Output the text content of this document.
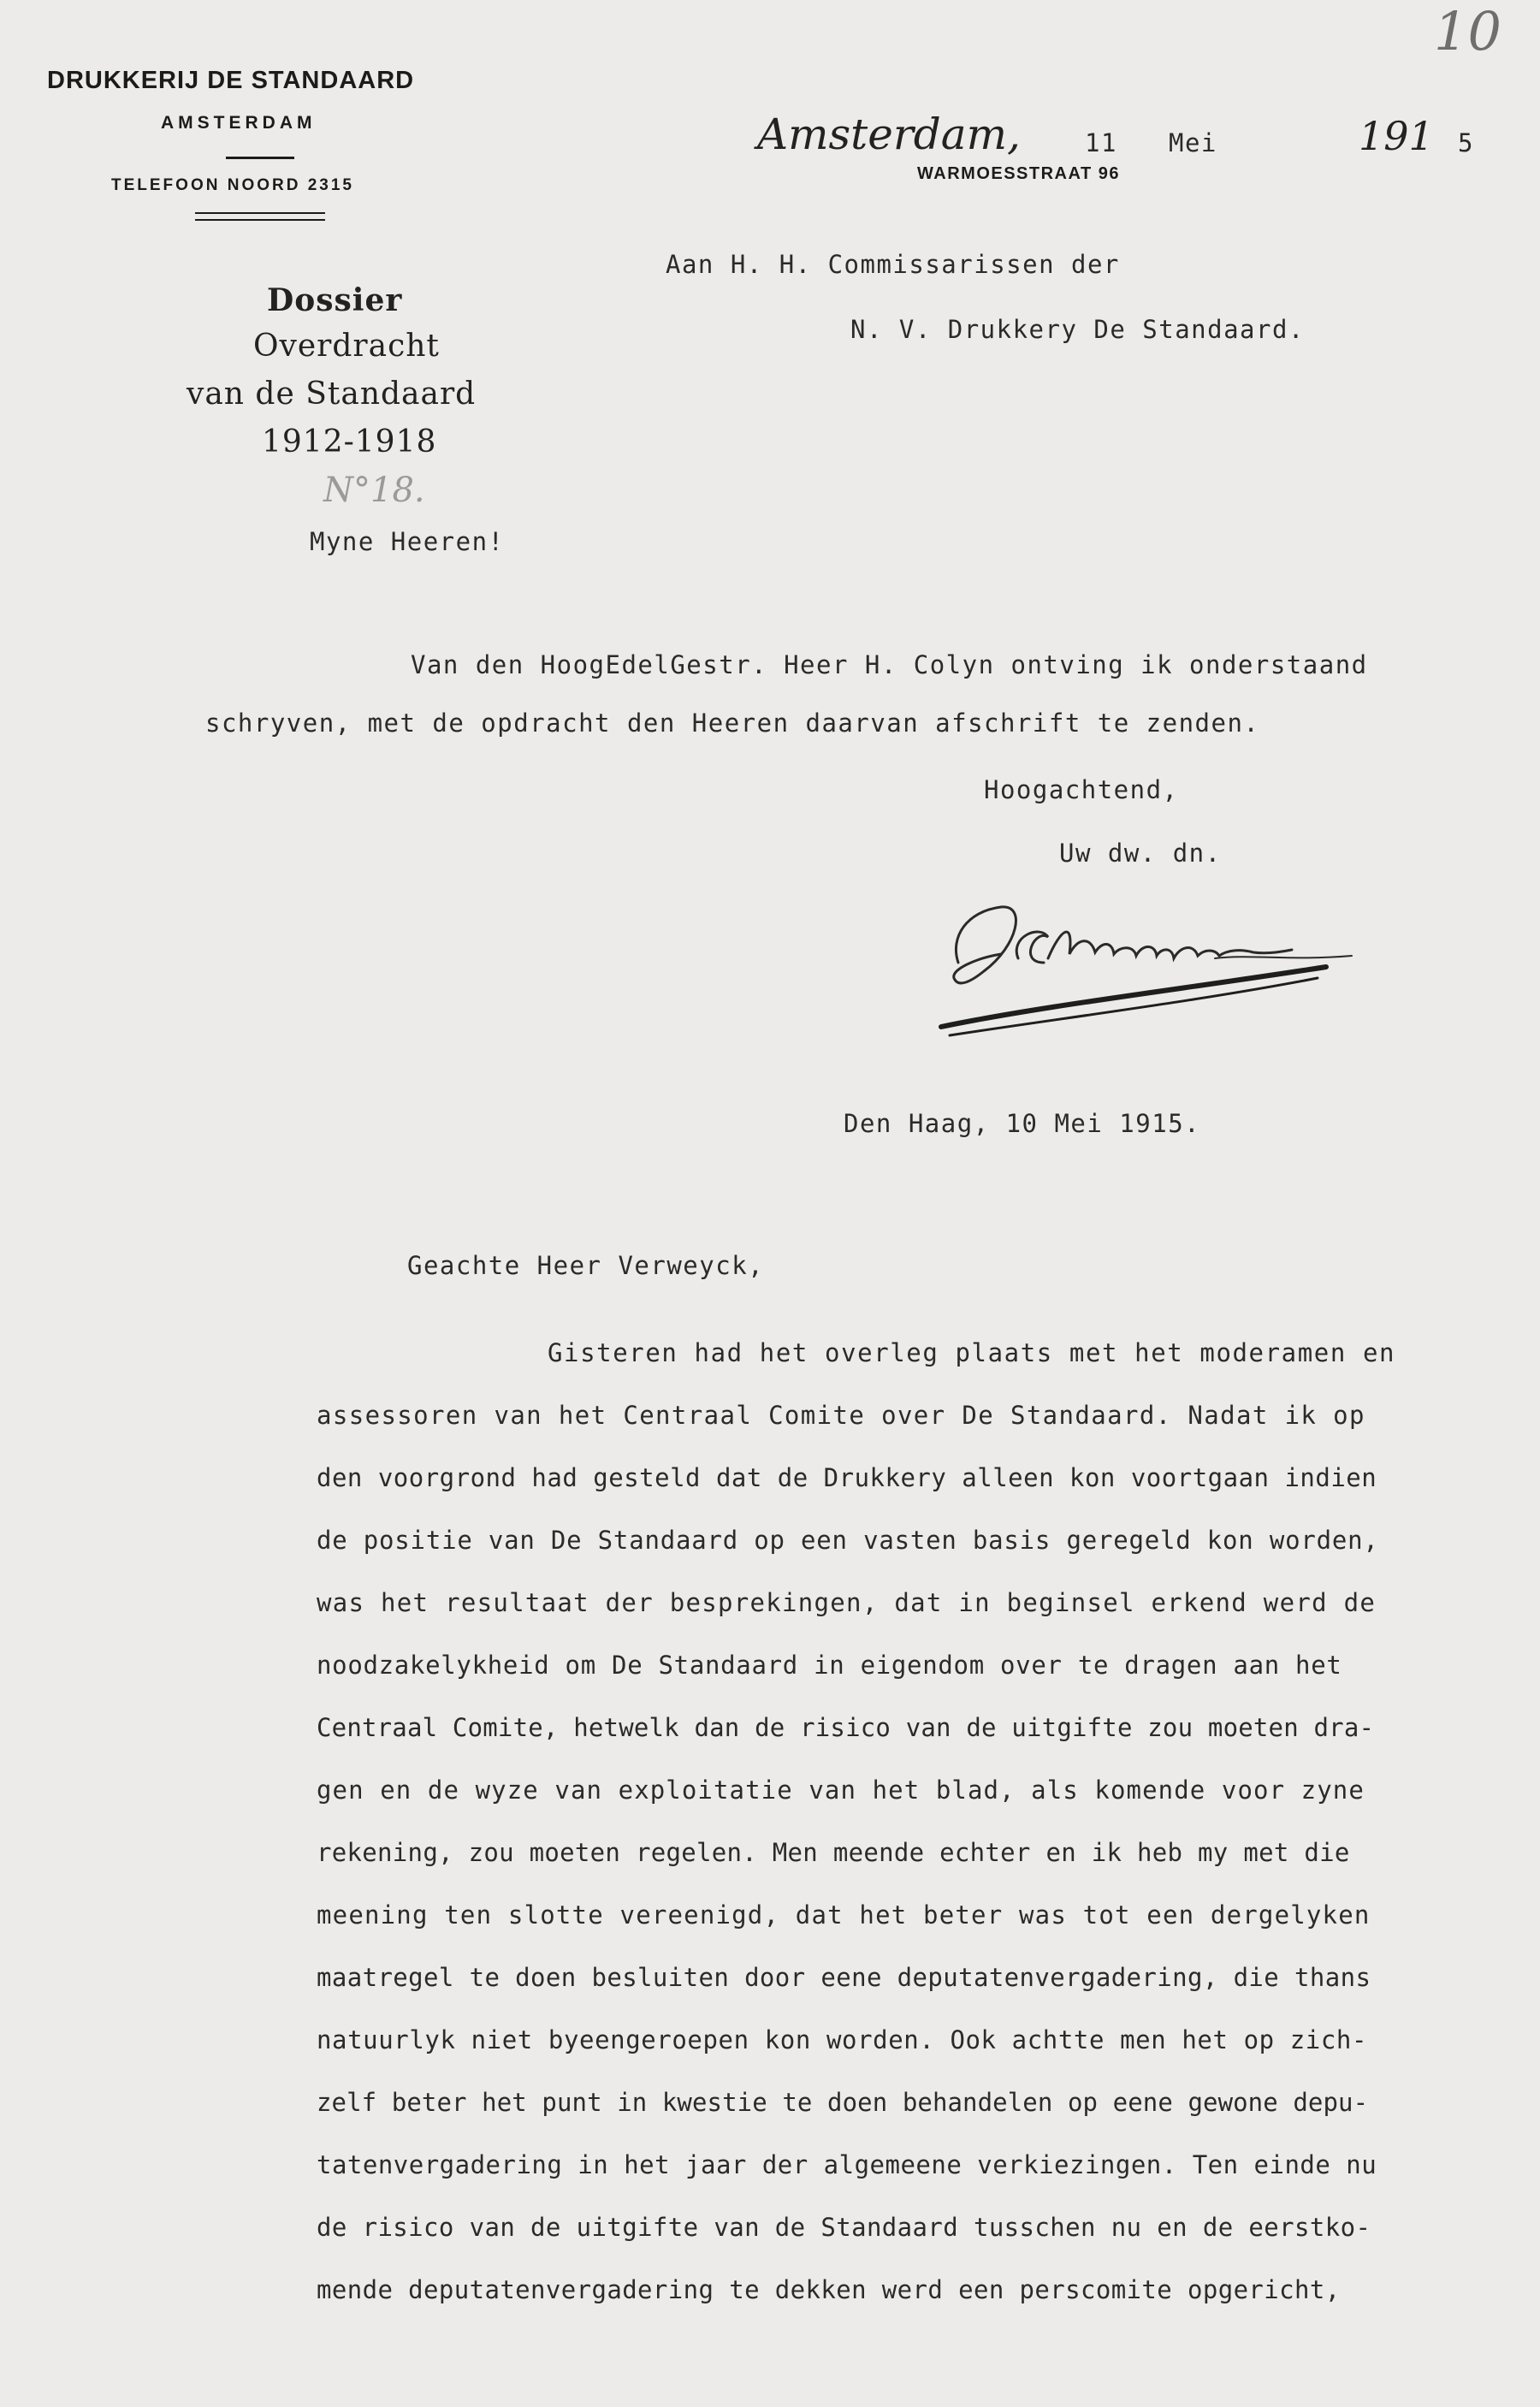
DRUKKERIJ DE STANDAARD
AMSTERDAM
TELEFOON NOORD 2315
Amsterdam,	11 Mei	191 5
WARMOESSTRAAT 96
10
Dossier
Overdracht
van de Standaard
1912-1918
N°18.
Aan H. H. Commissarissen der
N. V. Drukkery De Standaard.
Myne Heeren!
Van den HoogEdelGestr. Heer H. Colyn ontving ik onderstaand
schryven, met de opdracht den Heeren daarvan afschrift te zenden.
Hoogachtend,
Uw dw. dn.
Den Haag, 10 Mei 1915.
Geachte Heer Verweyck,
Gisteren had het overleg plaats met het moderamen en
assessoren van het Centraal Comite over De Standaard. Nadat ik op
den voorgrond had gesteld dat de Drukkery alleen kon voortgaan indien
de positie van De Standaard op een vasten basis geregeld kon worden,
was het resultaat der besprekingen, dat in beginsel erkend werd de
noodzakelykheid om De Standaard in eigendom over te dragen aan het
Centraal Comite, hetwelk dan de risico van de uitgifte zou moeten dra-
gen en de wyze van exploitatie van het blad, als komende voor zyne
rekening, zou moeten regelen. Men meende echter en ik heb my met die
meening ten slotte vereenigd, dat het beter was tot een dergelyken
maatregel te doen besluiten door eene deputatenvergadering, die thans
natuurlyk niet byeengeroepen kon worden. Ook achtte men het op zich-
zelf beter het punt in kwestie te doen behandelen op eene gewone depu-
tatenvergadering in het jaar der algemeene verkiezingen. Ten einde nu
de risico van de uitgifte van de Standaard tusschen nu en de eerstko-
mende deputatenvergadering te dekken werd een perscomite opgericht,
